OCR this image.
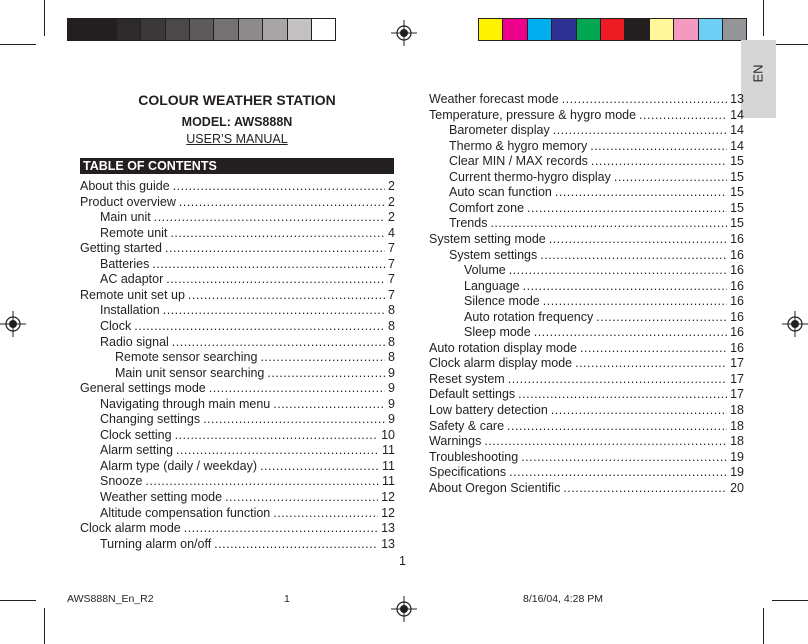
EN
COLOUR WEATHER STATION
MODEL: AWS888N
USER’S MANUAL
TABLE OF CONTENTS
About this guide .....	2
Product overview .....	2
Main unit .....	2
Remote unit .....	4
Getting started .....	7
Batteries .....	7
AC adaptor .....	7
Remote unit set up .....	7
Installation .....	8
Clock .....	8
Radio signal .....	8
Remote sensor searching .....	8
Main unit sensor searching .....	9
General settings mode .....	9
Navigating through main menu .....	9
Changing settings .....	9
Clock setting .....	10
Alarm setting .....	11
Alarm type (daily / weekday) .....	11
Snooze .....	11
Weather setting mode .....	12
Altitude compensation function .....	12
Clock alarm mode .....	13
Turning alarm on/off .....	13
Weather forecast mode .....	13
Temperature, pressure & hygro mode .....	14
Barometer display .....	14
Thermo & hygro memory .....	14
Clear MIN / MAX records .....	15
Current thermo-hygro display .....	15
Auto scan function .....	15
Comfort zone .....	15
Trends .....	15
System setting mode .....	16
System settings .....	16
Volume .....	16
Language .....	16
Silence mode .....	16
Auto rotation frequency .....	16
Sleep mode .....	16
Auto rotation display mode .....	16
Clock alarm display mode .....	17
Reset system .....	17
Default settings .....	17
Low battery detection .....	18
Safety & care .....	18
Warnings .....	18
Troubleshooting .....	19
Specifications .....	19
About Oregon Scientific .....	20
1
AWS888N_En_R2	1	8/16/04, 4:28 PM
